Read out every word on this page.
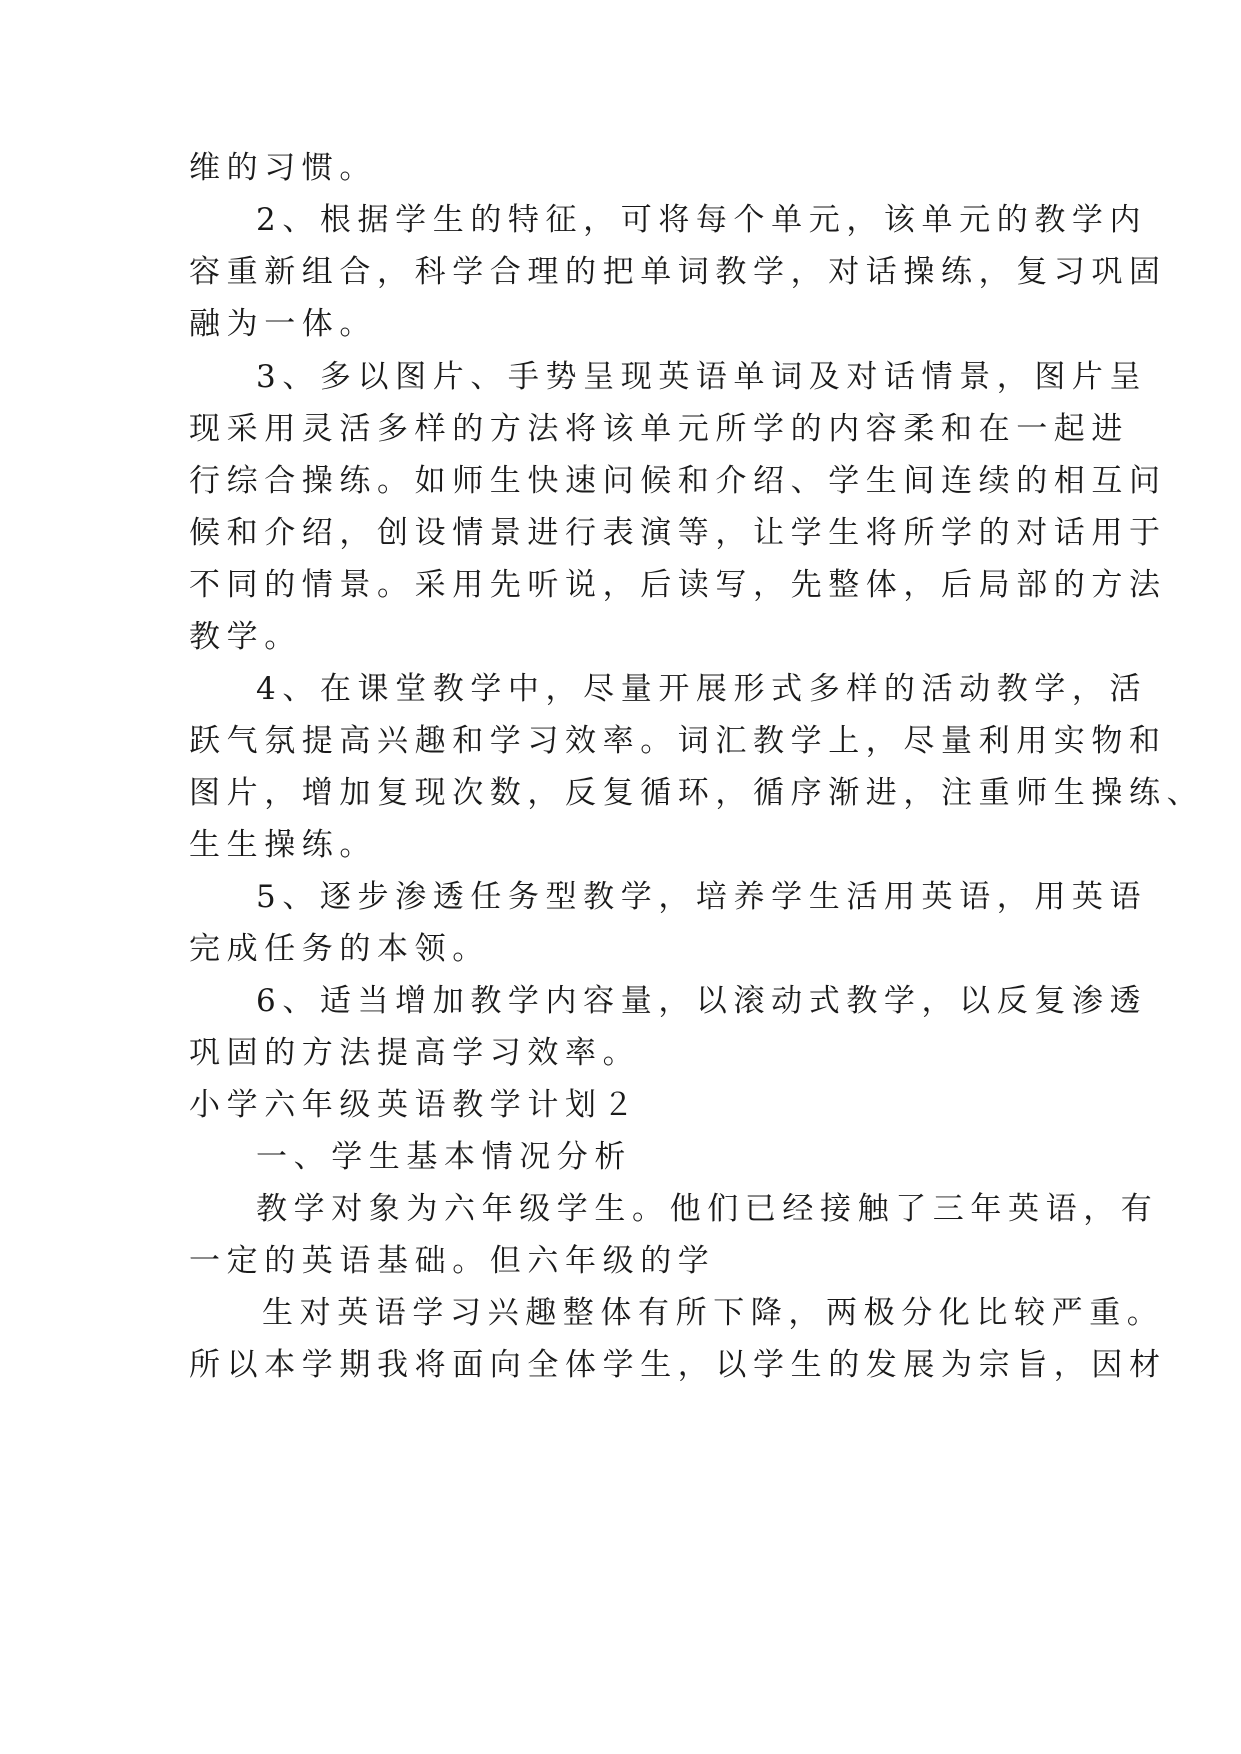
维的习惯。
2、根据学生的特征，可将每个单元，该单元的教学内
容重新组合，科学合理的把单词教学，对话操练，复习巩固
融为一体。
3、多以图片、手势呈现英语单词及对话情景，图片呈
现采用灵活多样的方法将该单元所学的内容柔和在一起进
行综合操练。如师生快速问候和介绍、学生间连续的相互问
候和介绍，创设情景进行表演等，让学生将所学的对话用于
不同的情景。采用先听说，后读写，先整体，后局部的方法
教学。
4、在课堂教学中，尽量开展形式多样的活动教学，活
跃气氛提高兴趣和学习效率。词汇教学上，尽量利用实物和
图片，增加复现次数，反复循环，循序渐进，注重师生操练、
生生操练。
5、逐步渗透任务型教学，培养学生活用英语，用英语
完成任务的本领。
6、适当增加教学内容量，以滚动式教学，以反复渗透
巩固的方法提高学习效率。
小学六年级英语教学计划２
一、学生基本情况分析
教学对象为六年级学生。他们已经接触了三年英语，有
一定的英语基础。但六年级的学
生对英语学习兴趣整体有所下降，两极分化比较严重。
所以本学期我将面向全体学生，以学生的发展为宗旨，因材
